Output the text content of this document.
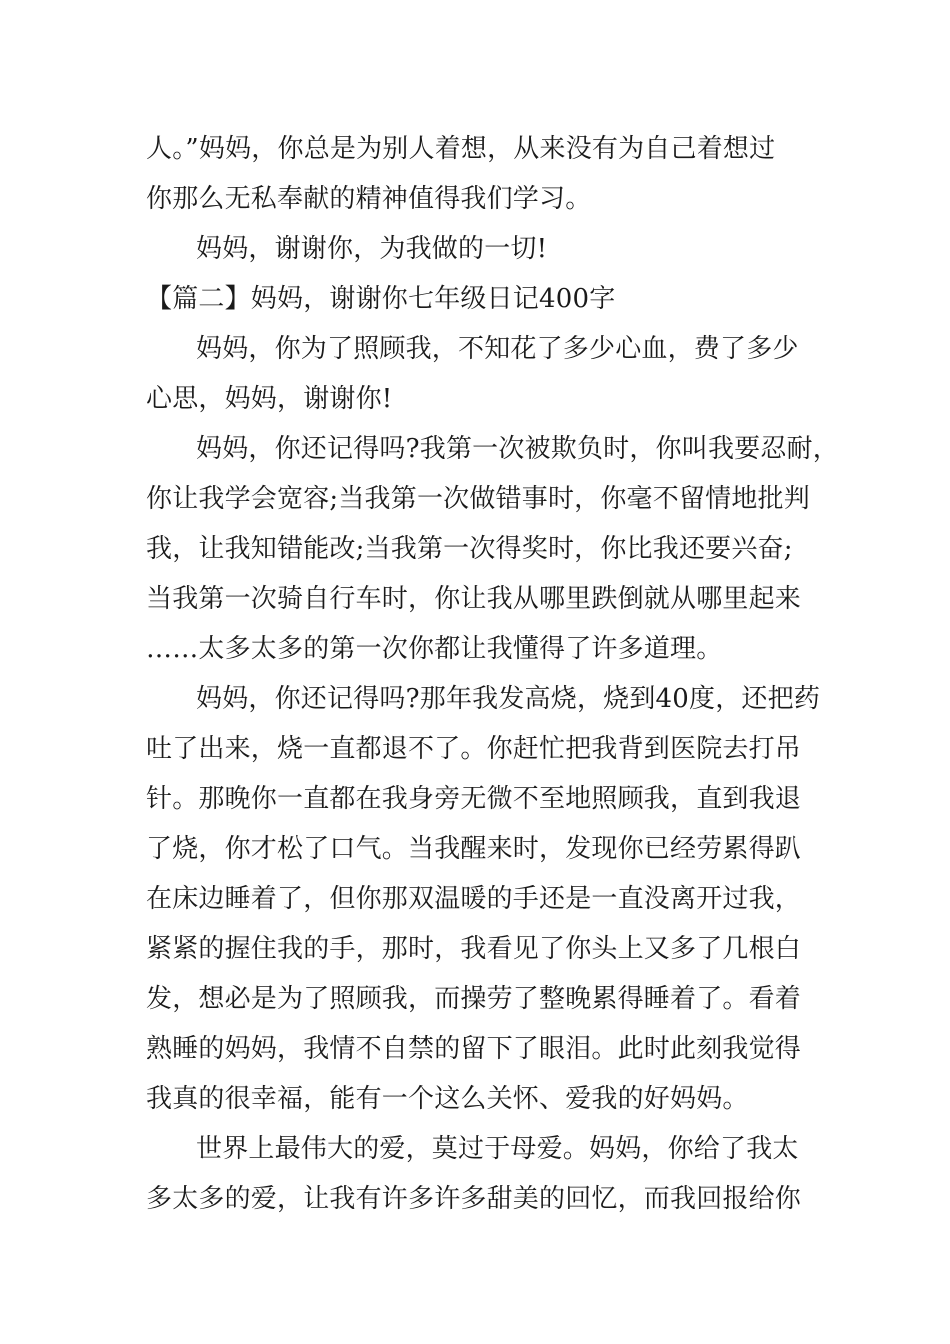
人。”妈妈，你总是为别人着想，从来没有为自己着想过
你那么无私奉献的精神值得我们学习。
妈妈，谢谢你，为我做的一切!
【篇二】妈妈，谢谢你七年级日记400字
妈妈，你为了照顾我，不知花了多少心血，费了多少
心思，妈妈，谢谢你!
妈妈，你还记得吗?我第一次被欺负时，你叫我要忍耐，
你让我学会宽容;当我第一次做错事时，你毫不留情地批判
我，让我知错能改;当我第一次得奖时，你比我还要兴奋;
当我第一次骑自行车时，你让我从哪里跌倒就从哪里起来
……太多太多的第一次你都让我懂得了许多道理。
妈妈，你还记得吗?那年我发高烧，烧到40度，还把药
吐了出来，烧一直都退不了。你赶忙把我背到医院去打吊
针。那晚你一直都在我身旁无微不至地照顾我，直到我退
了烧，你才松了口气。当我醒来时，发现你已经劳累得趴
在床边睡着了，但你那双温暖的手还是一直没离开过我，
紧紧的握住我的手，那时，我看见了你头上又多了几根白
发，想必是为了照顾我，而操劳了整晚累得睡着了。看着
熟睡的妈妈，我情不自禁的留下了眼泪。此时此刻我觉得
我真的很幸福，能有一个这么关怀、爱我的好妈妈。
世界上最伟大的爱，莫过于母爱。妈妈，你给了我太
多太多的爱，让我有许多许多甜美的回忆，而我回报给你
